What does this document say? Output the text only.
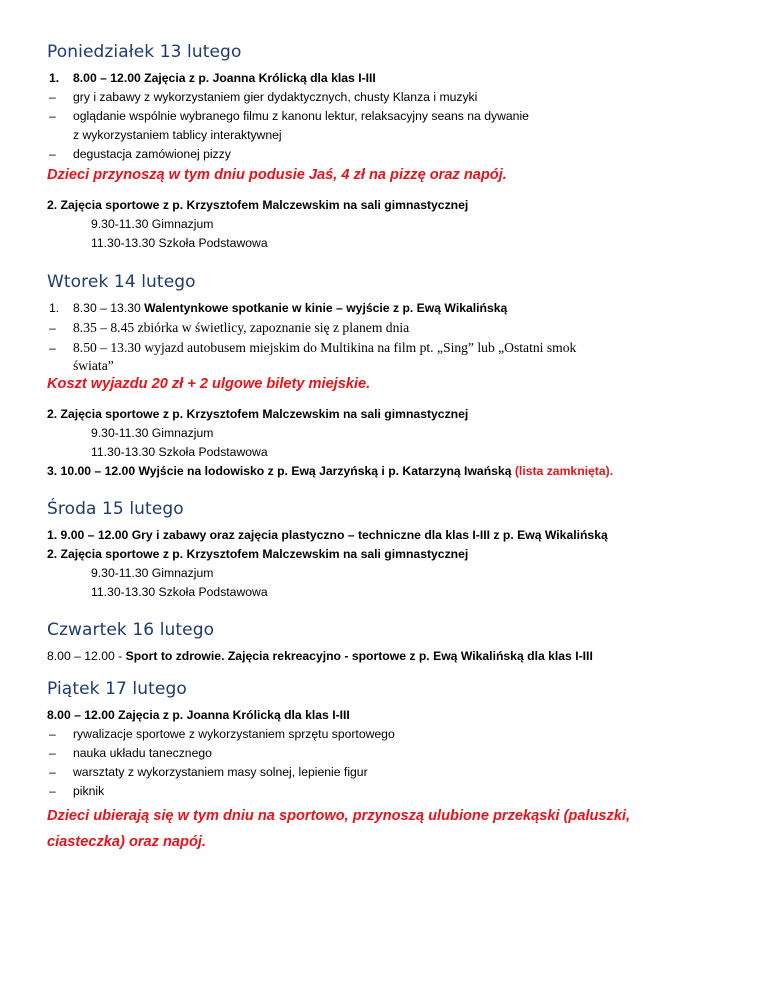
Poniedziałek 13 lutego
1. 8.00 – 12.00 Zajęcia z p. Joanna Królicką dla klas I-III
– gry i zabawy z wykorzystaniem gier dydaktycznych, chusty Klanza i muzyki
– oglądanie wspólnie wybranego filmu z kanonu lektur, relaksacyjny seans na dywanie
z wykorzystaniem tablicy interaktywnej
– degustacja zamówionej pizzy
Dzieci przynoszą w tym dniu podusie Jaś, 4 zł na pizzę oraz napój.
2. Zajęcia sportowe z p. Krzysztofem Malczewskim na sali gimnastycznej
9.30-11.30 Gimnazjum
11.30-13.30 Szkoła Podstawowa
Wtorek 14 lutego
1. 8.30 – 13.30 Walentynkowe spotkanie w kinie – wyjście z p. Ewą Wikalińską
– 8.35 – 8.45 zbiórka w świetlicy, zapoznanie się z planem dnia
– 8.50 – 13.30 wyjazd autobusem miejskim do Multikina na film pt. „Sing” lub „Ostatni smok
świata”
Koszt wyjazdu 20 zł + 2 ulgowe bilety miejskie.
2. Zajęcia sportowe z p. Krzysztofem Malczewskim na sali gimnastycznej
9.30-11.30 Gimnazjum
11.30-13.30 Szkoła Podstawowa
3. 10.00 – 12.00 Wyjście na lodowisko z p. Ewą Jarzyńską i p. Katarzyną Iwańską (lista zamknięta).
Środa 15 lutego
1. 9.00 – 12.00 Gry i zabawy oraz zajęcia plastyczno – techniczne dla klas I-III z p. Ewą Wikalińską
2. Zajęcia sportowe z p. Krzysztofem Malczewskim na sali gimnastycznej
9.30-11.30 Gimnazjum
11.30-13.30 Szkoła Podstawowa
Czwartek 16 lutego
8.00 – 12.00 - Sport to zdrowie. Zajęcia rekreacyjno - sportowe z p. Ewą Wikalińską dla klas I-III
Piątek 17 lutego
8.00 – 12.00 Zajęcia z p. Joanna Królicką dla klas I-III
– rywalizacje sportowe z wykorzystaniem sprzętu sportowego
– nauka układu tanecznego
– warsztaty z wykorzystaniem masy solnej, lepienie figur
– piknik
Dzieci ubierają się w tym dniu na sportowo, przynoszą ulubione przekąski (paluszki,
ciasteczka) oraz napój.
